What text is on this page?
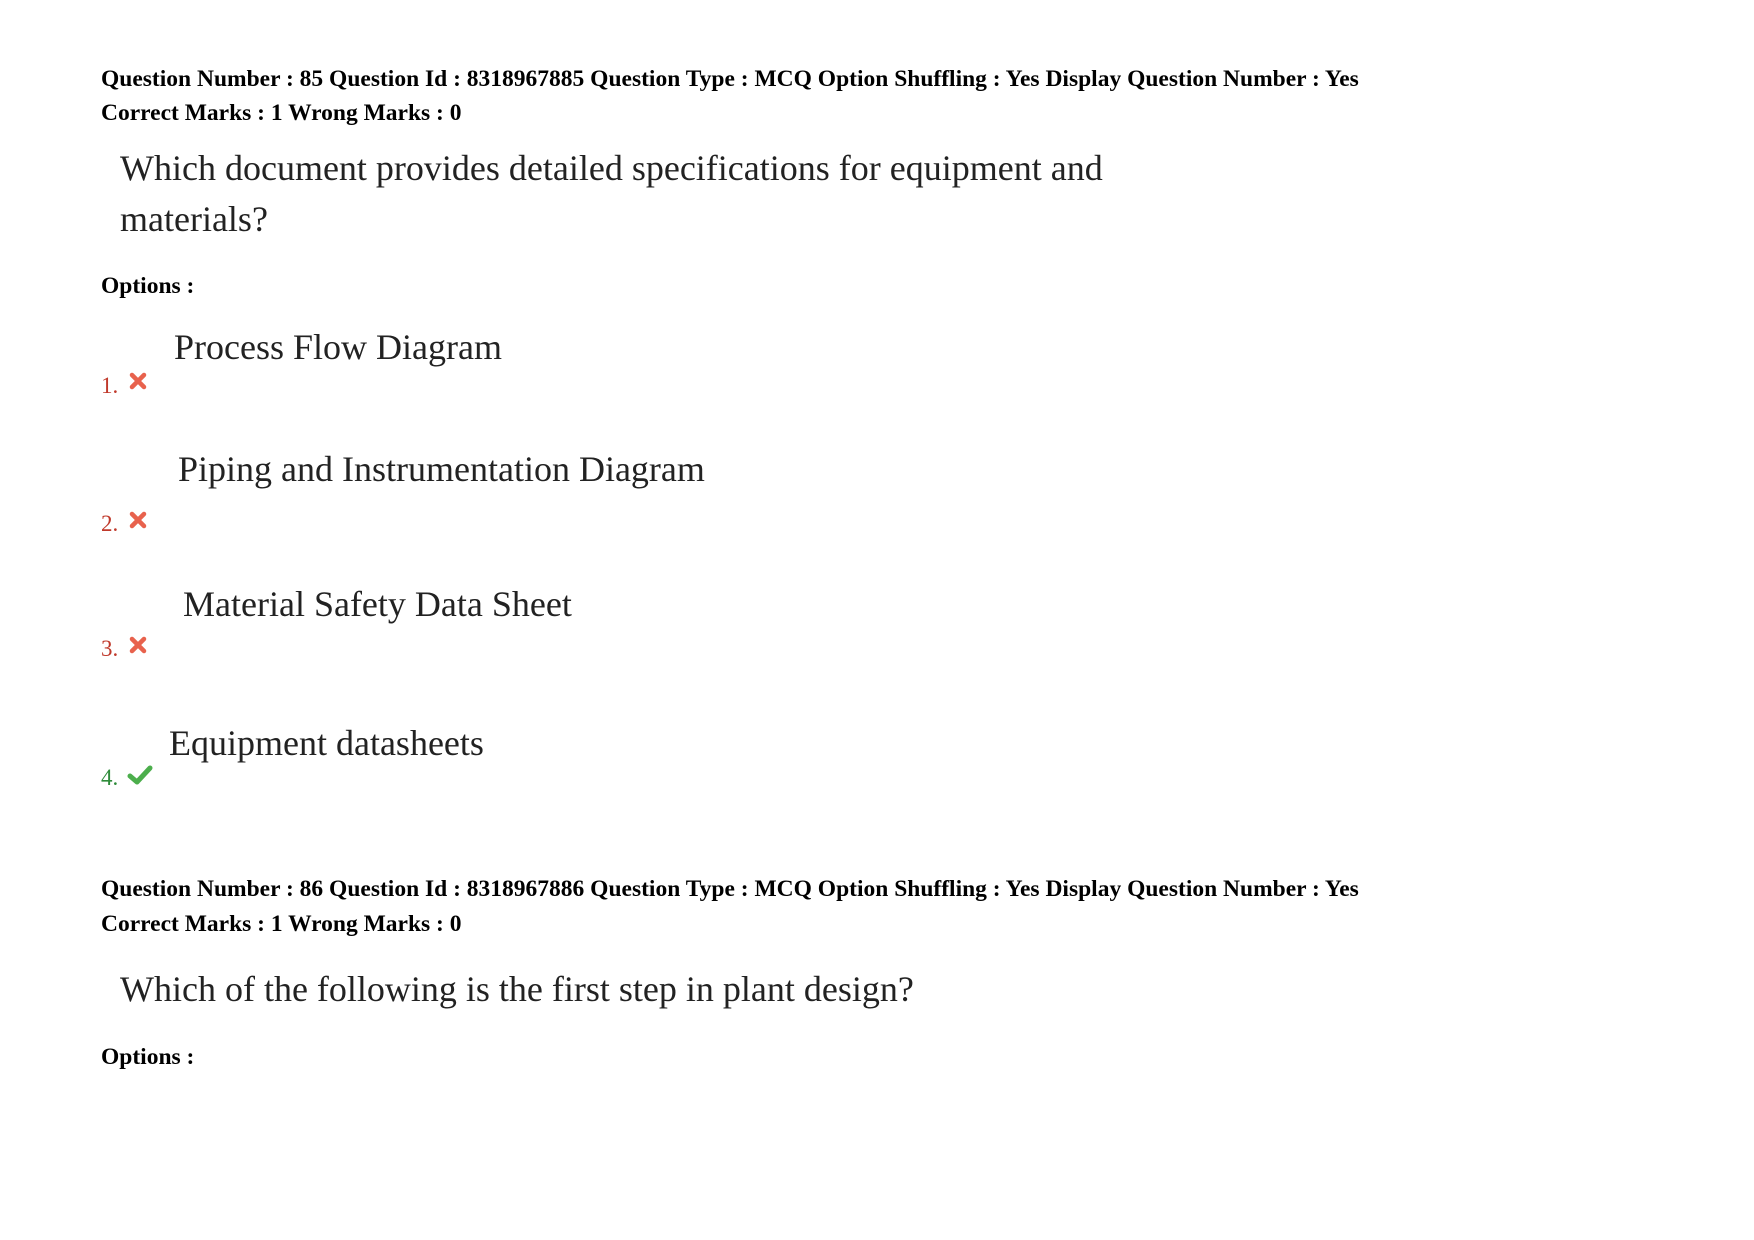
Question Number : 85 Question Id : 8318967885 Question Type : MCQ Option Shuffling : Yes Display Question Number : Yes
Correct Marks : 1 Wrong Marks : 0
Which document provides detailed specifications for equipment and
materials?
Options :
Process Flow Diagram
1.
Piping and Instrumentation Diagram
2.
Material Safety Data Sheet
3.
Equipment datasheets
4.
Question Number : 86 Question Id : 8318967886 Question Type : MCQ Option Shuffling : Yes Display Question Number : Yes
Correct Marks : 1 Wrong Marks : 0
Which of the following is the first step in plant design?
Options :
